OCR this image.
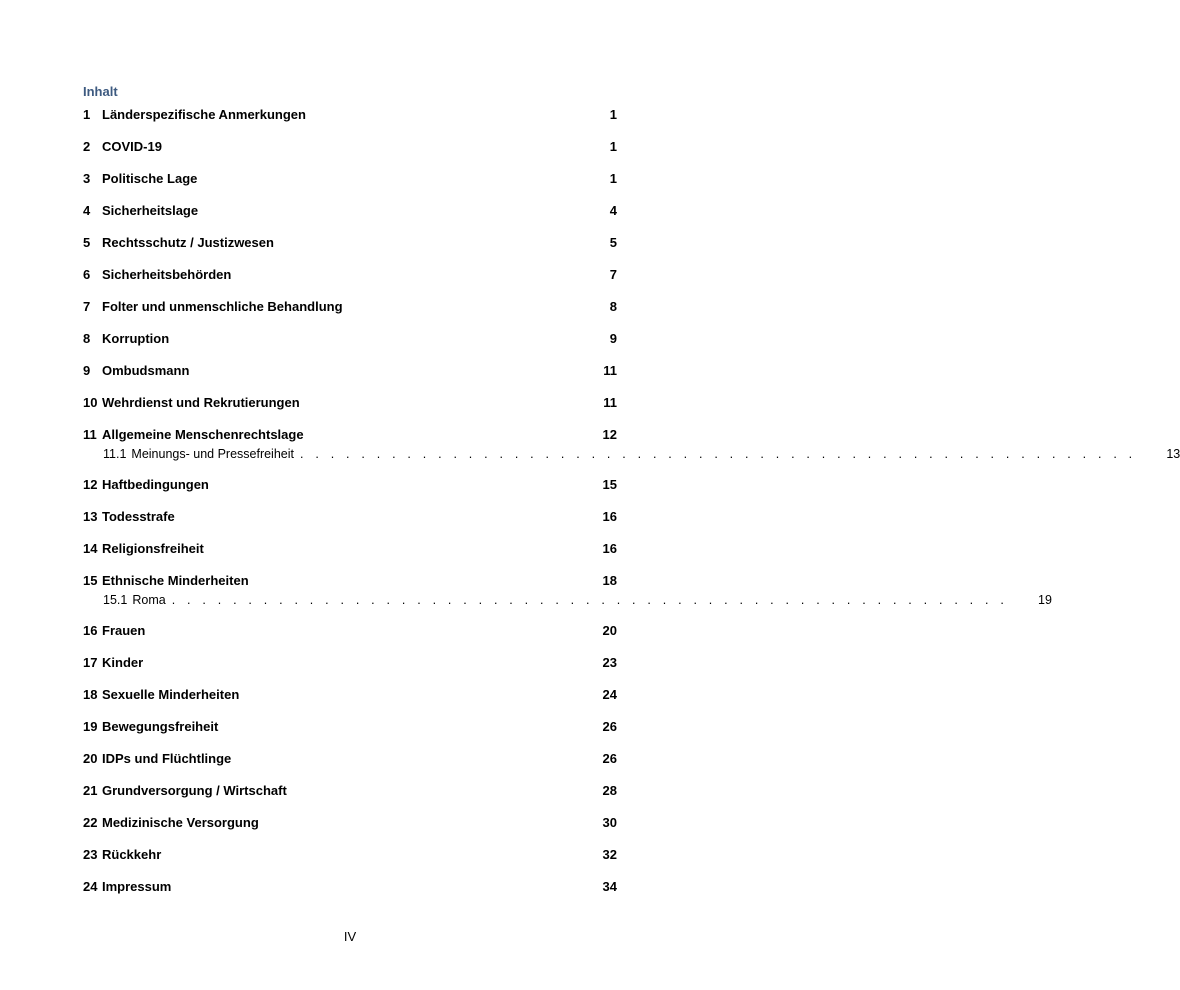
Inhalt
1 Länderspezifische Anmerkungen	1
2 COVID-19	1
3 Politische Lage	1
4 Sicherheitslage	4
5 Rechtsschutz / Justizwesen	5
6 Sicherheitsbehörden	7
7 Folter und unmenschliche Behandlung	8
8 Korruption	9
9 Ombudsmann	11
10 Wehrdienst und Rekrutierungen	11
11 Allgemeine Menschenrechtslage	12
11.1 Meinungs- und Pressefreiheit . . . . . . . . . . . . . . . . . . . . . . . . . . . . . . . . . . . . . . . . . . . . . . . . . . . . . . . 13
12 Haftbedingungen	15
13 Todesstrafe	16
14 Religionsfreiheit	16
15 Ethnische Minderheiten	18
15.1 Roma . . . . . . . . . . . . . . . . . . . . . . . . . . . . . . . . . . . . . . . . . . . . . . . . . . . . . . . 19
16 Frauen	20
17 Kinder	23
18 Sexuelle Minderheiten	24
19 Bewegungsfreiheit	26
20 IDPs und Flüchtlinge	26
21 Grundversorgung / Wirtschaft	28
22 Medizinische Versorgung	30
23 Rückkehr	32
24 Impressum	34
IV
